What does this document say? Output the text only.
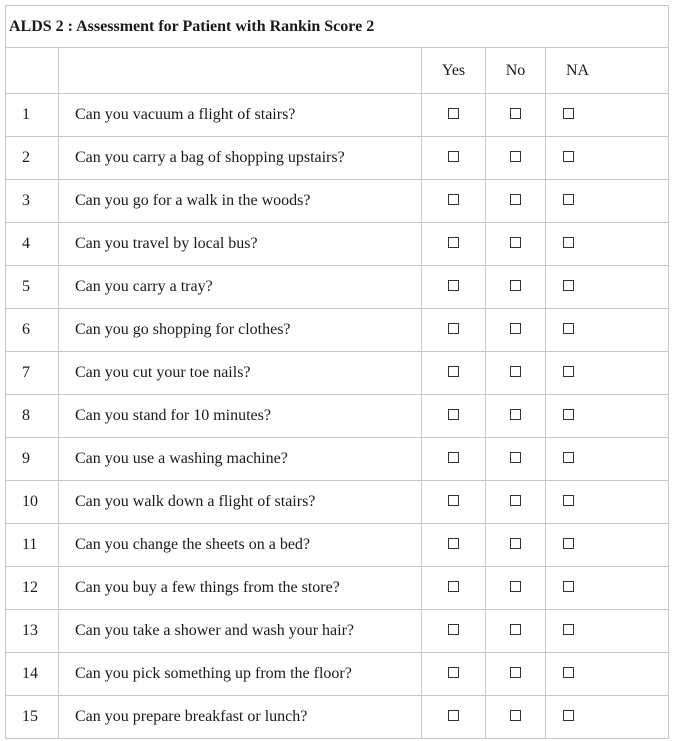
ALDS 2 : Assessment for Patient with Rankin Score 2				
		Yes	No	NA
1	Can you vacuum a flight of stairs?			
2	Can you carry a bag of shopping upstairs?			
3	Can you go for a walk in the woods?			
4	Can you travel by local bus?			
5	Can you carry a tray?			
6	Can you go shopping for clothes?			
7	Can you cut your toe nails?			
8	Can you stand for 10 minutes?			
9	Can you use a washing machine?			
10	Can you walk down a flight of stairs?			
11	Can you change the sheets on a bed?			
12	Can you buy a few things from the store?			
13	Can you take a shower and wash your hair?			
14	Can you pick something up from the floor?			
15	Can you prepare breakfast or lunch?			
